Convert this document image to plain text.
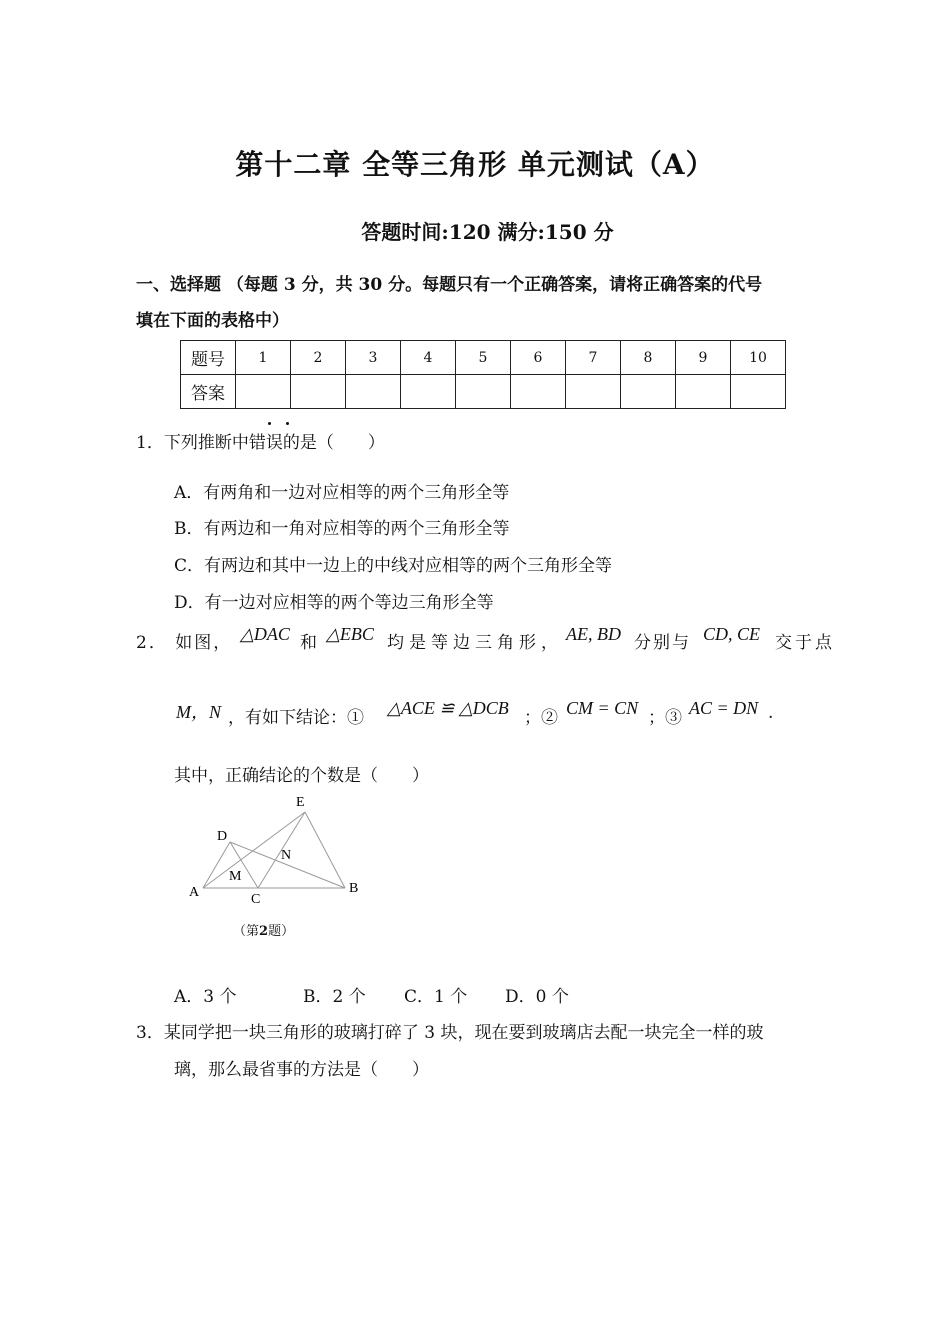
第十二章 全等三角形 单元测试（A）
答题时间:120 满分:150 分
一、选择题 （每题 3 分，共 30 分。每题只有一个正确答案，请将正确答案的代号
填在下面的表格中）
题号	1	2	3	4	5	6	7	8	9	10
答案										
1．下列推断中错误的是（　　）
A．有两角和一边对应相等的两个三角形全等
B．有两边和一角对应相等的两个三角形全等
C．有两边和其中一边上的中线对应相等的两个三角形全等
D．有一边对应相等的两个等边三角形全等
2． 如图， △DAC 和 △EBC 均是等边三角形， AE, BD 分别与 CD, CE 交于点
M，N ，有如下结论：① △ACE ≌ △DCB ；② CM = CN ；③ AC = DN .
其中，正确结论的个数是（　　）
E
D
N
M
A	C
B
（第2题）
A．3 个	B．2 个 C．1 个 D．0 个
3．某同学把一块三角形的玻璃打碎了 3 块，现在要到玻璃店去配一块完全一样的玻
璃，那么最省事的方法是（　　）
